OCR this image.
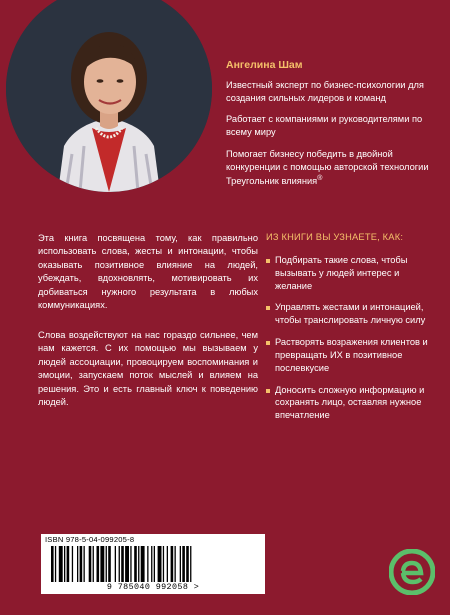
Ангелина Шам

Известный эксперт по бизнес-психологии для создания сильных лидеров и команд

Работает с компаниями и руководителями по всему миру

Помогает бизнесу победить в двойной конкуренции с помощью авторской технологии Треугольник влияния®

Эта книга посвящена тому, как правильно использовать слова, жесты и интонации, чтобы оказывать позитивное влияние на людей, убеждать, вдохновлять, мотивировать их добиваться нужного результата в любых коммуникациях.

Слова воздействуют на нас гораздо сильнее, чем нам кажется. С их помощью мы вызываем у людей ассоциации, провоцируем воспоминания и эмоции, запускаем поток мыслей и влияем на решения. Это и есть главный ключ к поведению людей.

ИЗ КНИГИ ВЫ УЗНАЕТЕ, КАК:
Подбирать такие слова, чтобы вызывать у людей интерес и желание
Управлять жестами и интонацией, чтобы транслировать личную силу
Растворять возражения клиентов и превращать ИХ в позитивное послевкусие
Доносить сложную информацию и сохранять лицо, оставляя нужное впечатление
ISBN 978-5-04-099205-8
9 785040 992058 >
